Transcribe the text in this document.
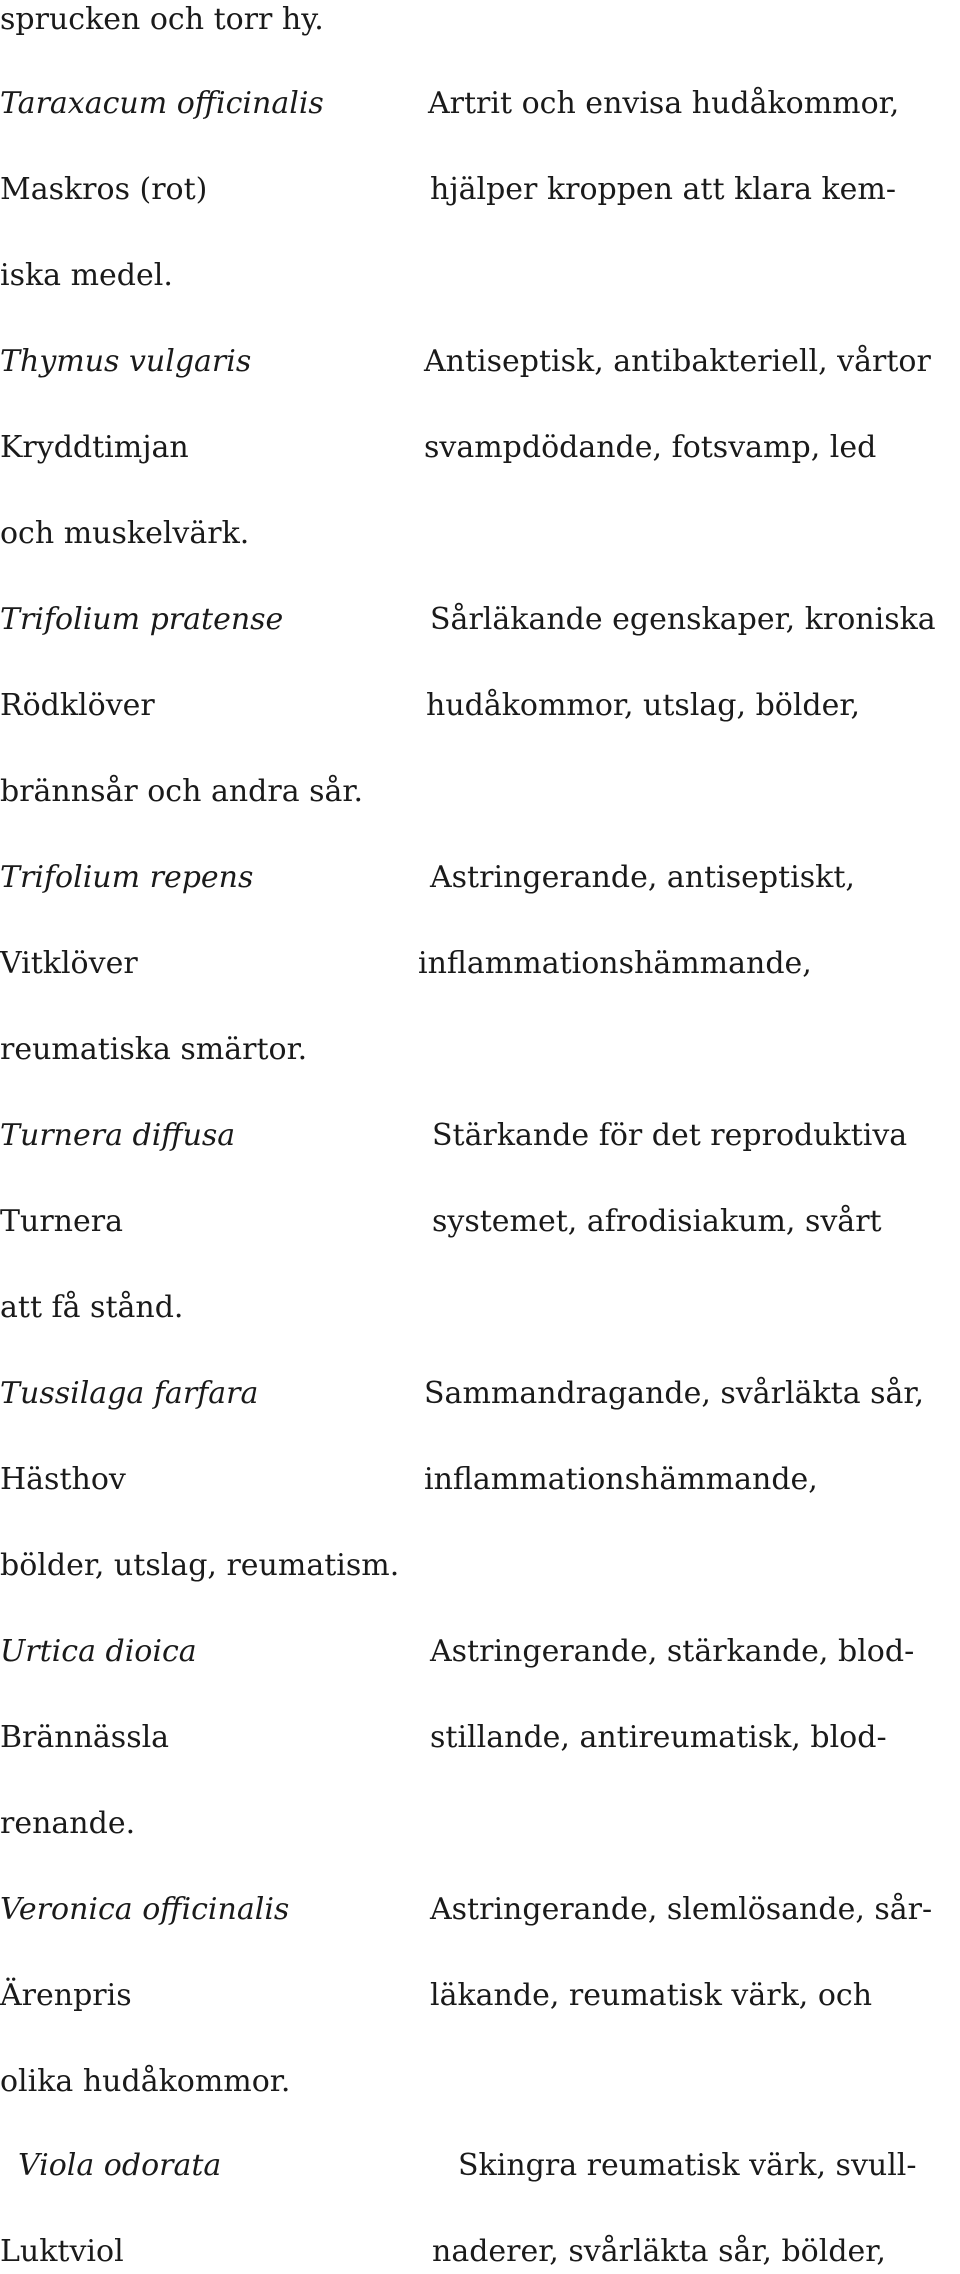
sprucken och torr hy.
Taraxacum officinalis	Artrit och envisa hudåkommor,
Maskros (rot)	hjälper kroppen att klara kem-
iska medel.
Thymus vulgaris	Antiseptisk, antibakteriell, vårtor
Kryddtimjan	svampdödande, fotsvamp, led
och muskelvärk.
Trifolium pratense	Sårläkande egenskaper, kroniska
Rödklöver	hudåkommor, utslag, bölder,
brännsår och andra sår.
Trifolium repens	Astringerande, antiseptiskt,
Vitklöver	inflammationshämmande,
reumatiska smärtor.
Turnera diffusa	Stärkande för det reproduktiva
Turnera	systemet, afrodisiakum, svårt
att få stånd.
Tussilaga farfara	Sammandragande, svårläkta sår,
Hästhov	inflammationshämmande,
bölder, utslag, reumatism.
Urtica dioica	Astringerande, stärkande, blod-
Brännässla	stillande, antireumatisk, blod-
renande.
Veronica officinalis	Astringerande, slemlösande, sår-
Ärenpris	läkande, reumatisk värk, och
olika hudåkommor.
Viola odorata	Skingra reumatisk värk, svull-
Luktviol	naderer, svårläkta sår, bölder,
